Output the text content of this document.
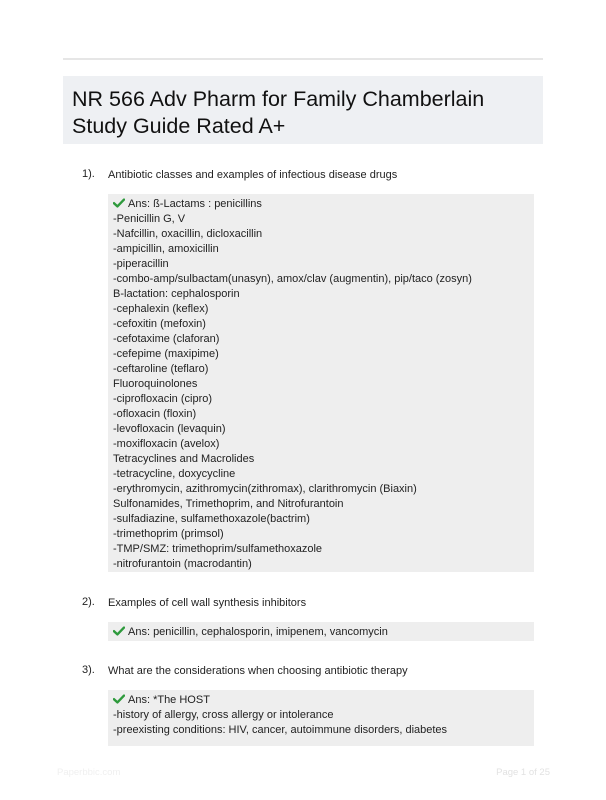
NR 566 Adv Pharm for Family Chamberlain Study Guide Rated A+
1). Antibiotic classes and examples of infectious disease drugs
Ans: ß-Lactams : penicillins
-Penicillin G, V
-Nafcillin, oxacillin, dicloxacillin
-ampicillin, amoxicillin
-piperacillin
-combo-amp/sulbactam(unasyn), amox/clav (augmentin), pip/taco (zosyn)
B-lactation: cephalosporin
-cephalexin (keflex)
-cefoxitin (mefoxin)
-cefotaxime (claforan)
-cefepime (maxipime)
-ceftaroline (teflaro)
Fluoroquinolones
-ciprofloxacin (cipro)
-ofloxacin (floxin)
-levofloxacin (levaquin)
-moxifloxacin (avelox)
Tetracyclines and Macrolides
-tetracycline, doxycycline
-erythromycin, azithromycin(zithromax), clarithromycin (Biaxin)
Sulfonamides, Trimethoprim, and Nitrofurantoin
-sulfadiazine, sulfamethoxazole(bactrim)
-trimethoprim (primsol)
-TMP/SMZ: trimethoprim/sulfamethoxazole
-nitrofurantoin (macrodantin)
2). Examples of cell wall synthesis inhibitors
Ans: penicillin, cephalosporin, imipenem, vancomycin
3). What are the considerations when choosing antibiotic therapy
Ans: *The HOST
-history of allergy, cross allergy or intolerance
-preexisting conditions: HIV, cancer, autoimmune disorders, diabetes
Paperbbic.com	Page 1 of 25
